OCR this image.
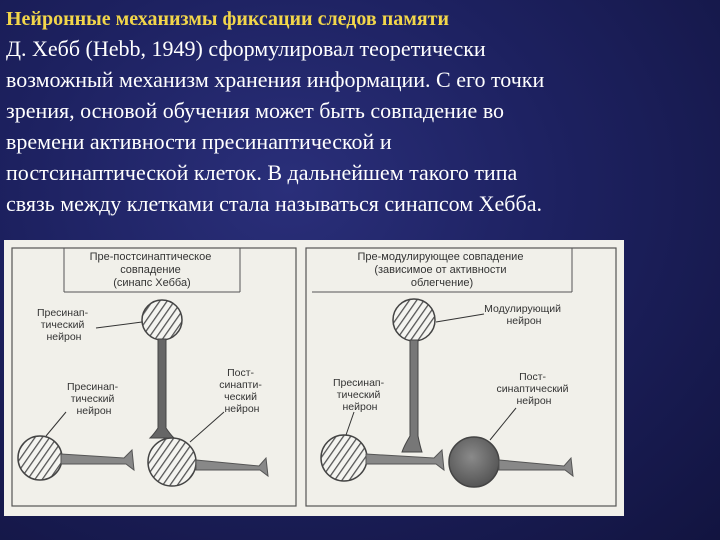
Нейронные механизмы фиксации следов памяти
Д. Хебб (Hebb, 1949) сформулировал теоретически
возможный механизм хранения информации. С его точки
зрения, основой обучения может быть совпадение во
времени активности пресинаптической и
постсинаптической клеток. В дальнейшем такого типа
связь между клетками стала называться синапсом Хебба.
Пре-постсинаптическое совпадение (синапс Хебба)
Пресинап- тический нейрон
Пресинап- тический нейрон
Пост- синапти- ческий нейрон
Пре-модулирующее совпадение (зависимое от активности облегчение)
Модулирующий нейрон
Пресинап- тический нейрон
Пост- синаптический нейрон
